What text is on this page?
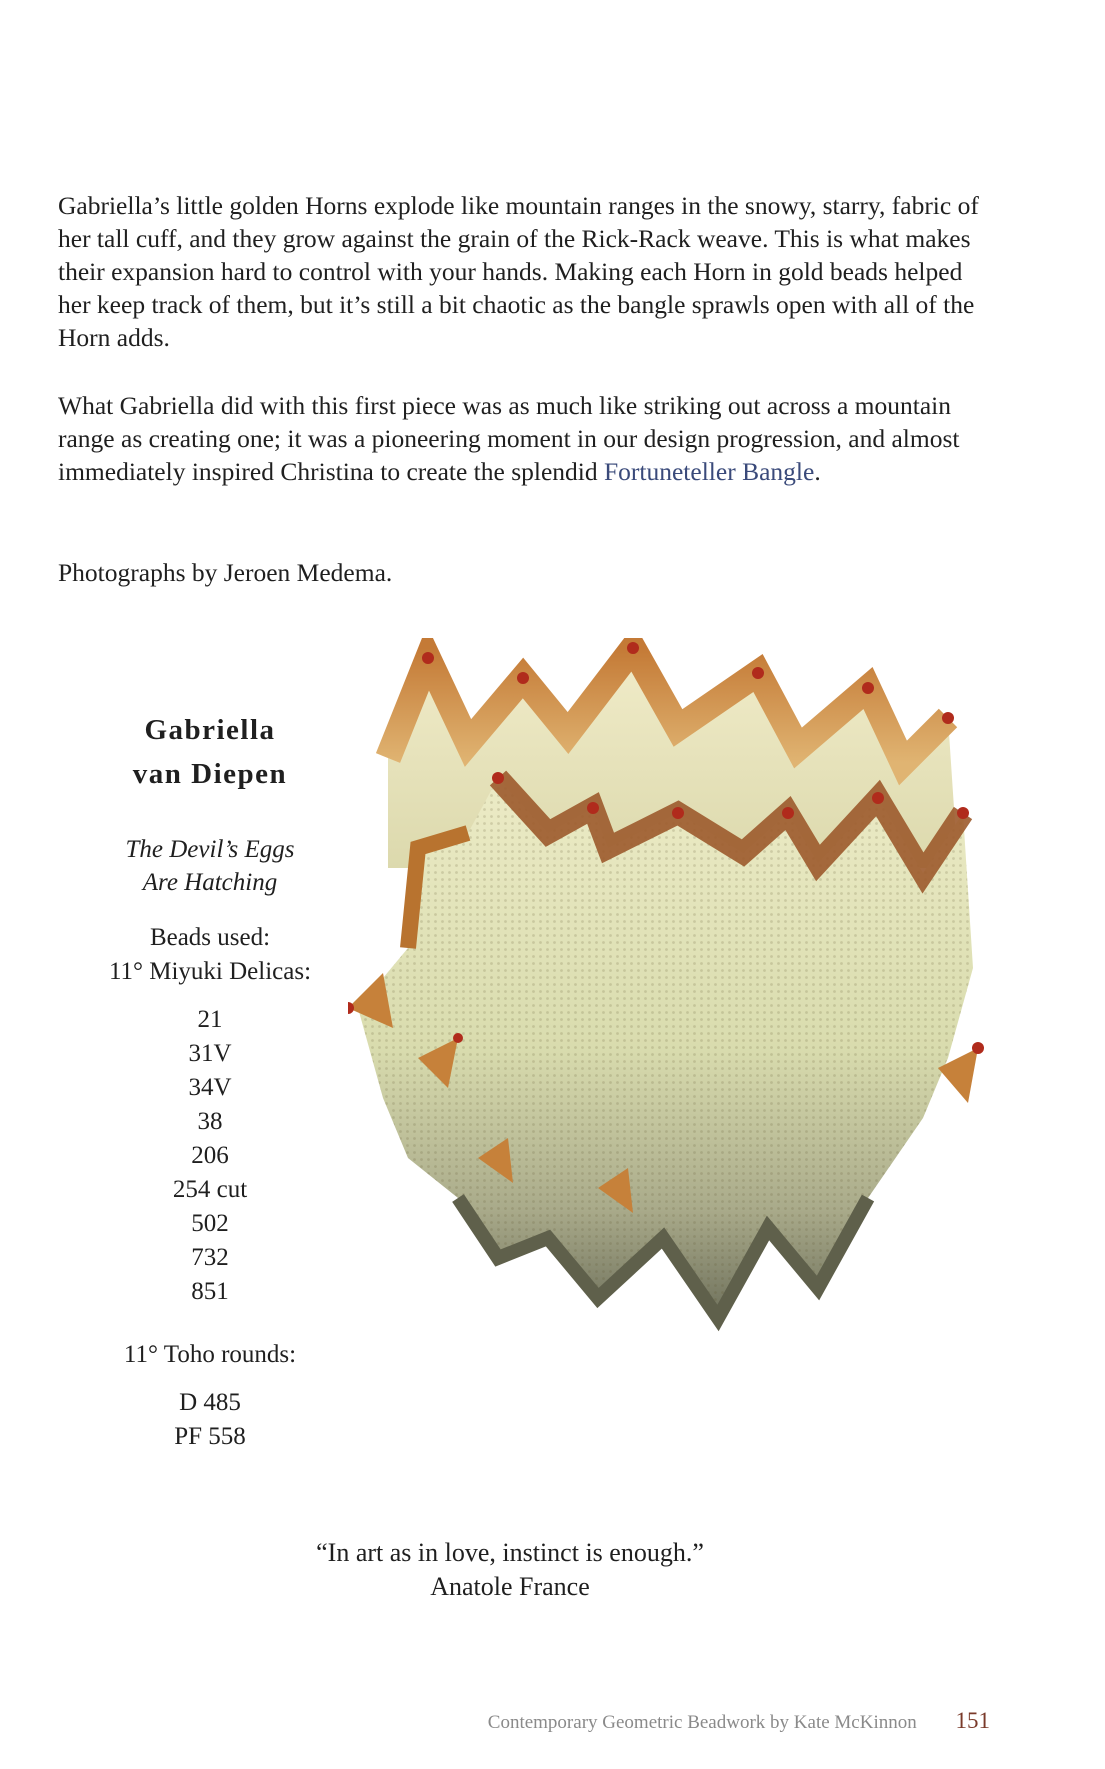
Gabriella’s little golden Horns explode like mountain ranges in the snowy, starry, fabric of her tall cuff, and they grow against the grain of the Rick-Rack weave. This is what makes their expansion hard to control with your hands. Making each Horn in gold beads helped her keep track of them, but it’s still a bit chaotic as the bangle sprawls open with all of the Horn adds.

What Gabriella did with this first piece was as much like striking out across a mountain range as creating one; it was a pioneering moment in our design progression, and almost immediately inspired Christina to create the splendid Fortuneteller Bangle.

Photographs by Jeroen Medema.

Gabriella
van Diepen
The Devil’s Eggs
Are Hatching
Beads used:
11° Miyuki Delicas:
21
31V
34V
38
206
254 cut
502
732
851
11° Toho rounds:
D 485
PF 558
“In art as in love, instinct is enough.”
Anatole France
Contemporary Geometric Beadwork by Kate McKinnon 151
